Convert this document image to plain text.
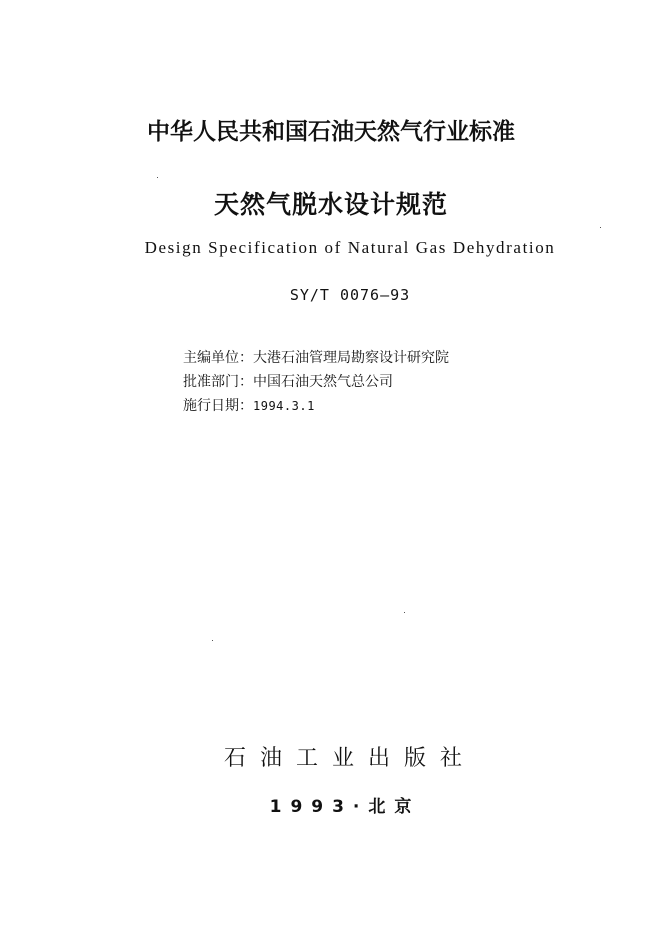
中华人民共和国石油天然气行业标准
天然气脱水设计规范
Design Specification of Natural Gas Dehydration
SY/T 0076—93
主编单位：大港石油管理局勘察设计研究院
批准部门：中国石油天然气总公司
施行日期：1994.3.1
石油工业出版社
1993·北京
